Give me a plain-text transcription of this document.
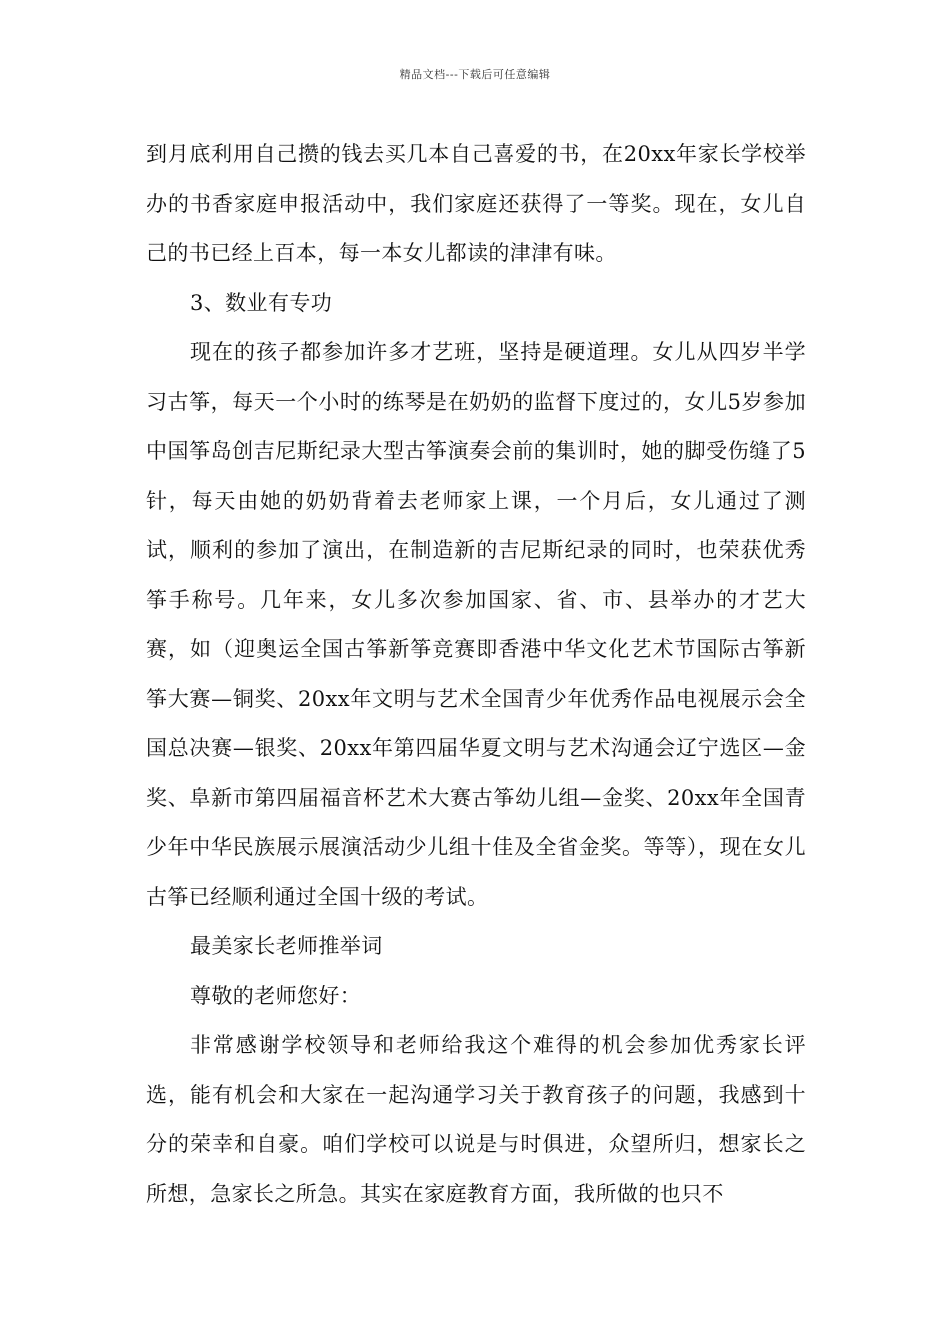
精品文档---下载后可任意编辑

到月底利用自己攒的钱去买几本自己喜爱的书，在20xx年家长学校举办的书香家庭申报活动中，我们家庭还获得了一等奖。现在，女儿自己的书已经上百本，每一本女儿都读的津津有味。

3、数业有专功

现在的孩子都参加许多才艺班，坚持是硬道理。女儿从四岁半学习古筝，每天一个小时的练琴是在奶奶的监督下度过的，女儿5岁参加中国筝岛创吉尼斯纪录大型古筝演奏会前的集训时，她的脚受伤缝了5针，每天由她的奶奶背着去老师家上课，一个月后，女儿通过了测试，顺利的参加了演出，在制造新的吉尼斯纪录的同时，也荣获优秀筝手称号。几年来，女儿多次参加国家、省、市、县举办的才艺大赛，如（迎奥运全国古筝新筝竞赛即香港中华文化艺术节国际古筝新筝大赛—铜奖、20xx年文明与艺术全国青少年优秀作品电视展示会全国总决赛—银奖、20xx年第四届华夏文明与艺术沟通会辽宁选区—金奖、阜新市第四届福音杯艺术大赛古筝幼儿组—金奖、20xx年全国青少年中华民族展示展演活动少儿组十佳及全省金奖。等等），现在女儿古筝已经顺利通过全国十级的考试。

最美家长老师推举词

尊敬的老师您好：

非常感谢学校领导和老师给我这个难得的机会参加优秀家长评选，能有机会和大家在一起沟通学习关于教育孩子的问题，我感到十分的荣幸和自豪。咱们学校可以说是与时俱进，众望所归，想家长之所想，急家长之所急。其实在家庭教育方面，我所做的也只不
